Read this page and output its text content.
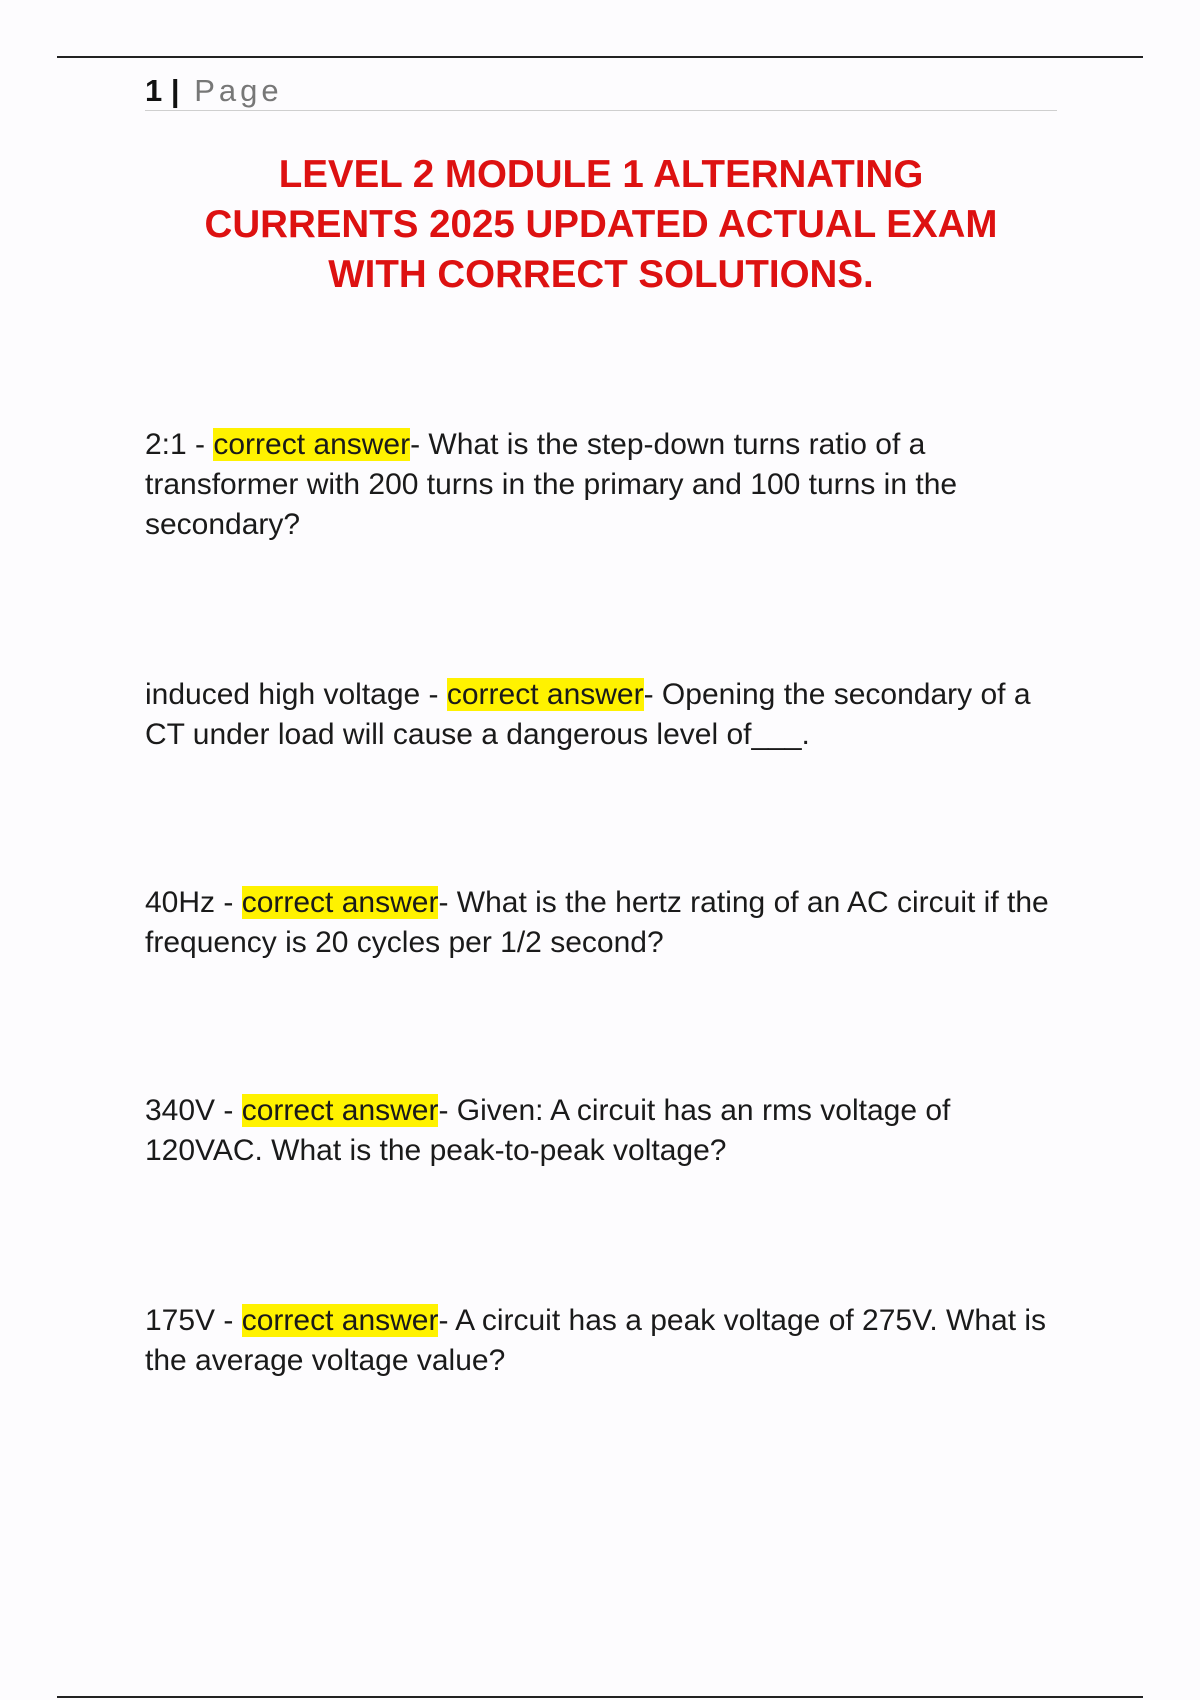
1 | Page
LEVEL 2 MODULE 1 ALTERNATING
CURRENTS 2025 UPDATED ACTUAL EXAM
WITH CORRECT SOLUTIONS.
2:1 - correct answer- What is the step-down turns ratio of a transformer with 200 turns in the primary and 100 turns in the secondary?
induced high voltage - correct answer- Opening the secondary of a CT under load will cause a dangerous level of___.
40Hz - correct answer- What is the hertz rating of an AC circuit if the frequency is 20 cycles per 1/2 second?
340V - correct answer- Given: A circuit has an rms voltage of 120VAC. What is the peak-to-peak voltage?
175V - correct answer- A circuit has a peak voltage of 275V. What is the average voltage value?
